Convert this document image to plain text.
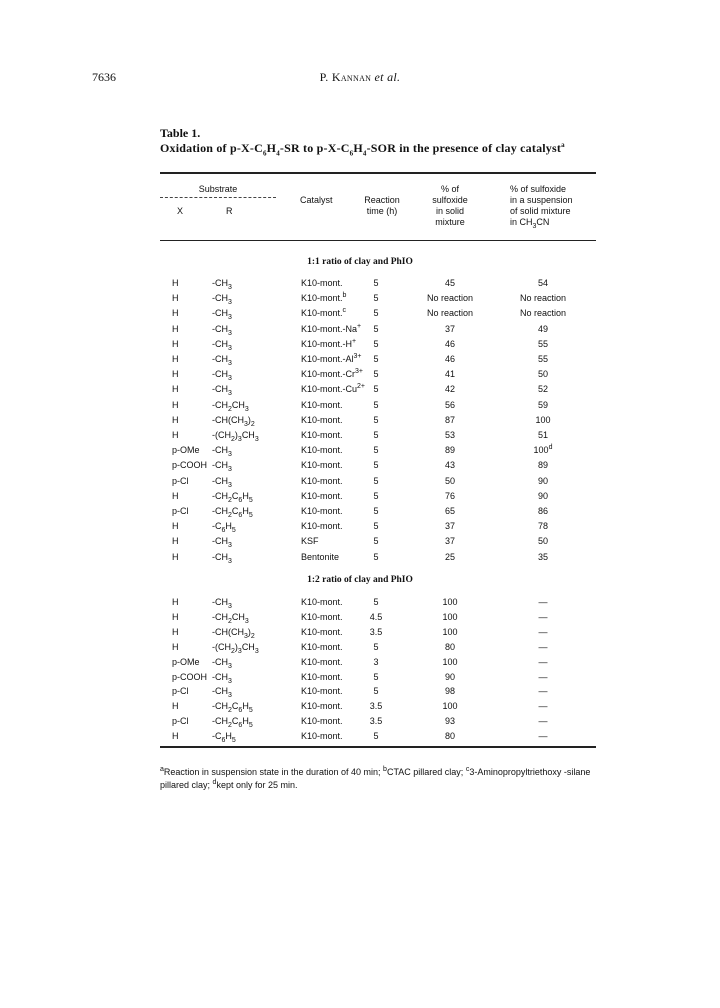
7636	P. Kannan et al.
Table 1.
Oxidation of $p-X-C_6H_4-SR$ to $p-X-C_6H_4$-SOR in the presence of clay catalyst$^a$
Substrate
X	R
Catalyst	Reaction
time (h)
% of
sulfoxide
in solid
mixture
% of sulfoxide
in a suspension
of solid mixture
in $CH_3CN$
1:1 ratio of clay and PhIO
H	$-CH_3$	K10-mont.	5	45	54
H	$-CH_3$	K10-mont.$^b$	5	No reaction	No reaction
H	$-CH_3$	K10-mont.$^c$	5	No reaction	No reaction
H	$-CH_3$	K10-mont.-Na+	5	37	49
H	$-CH_3$	K10-mont.-H+	5	46	55
H	$-CH_3$	$K10-mont.-Al^{3+}$	5	46	55
H	$-CH_3$	$K10-mont.-Cr^{3+}$	5	41	50
H	$-CH_3$	$K10-mont.-Cu^{2+}$ 5	42	52
H	$-CH_2CH_3$	K10-mont.	5	56	59
H	$-CH(CH_3)_2$	K10-mont.	5	87	100
H	$-(CH_2)_3CH_3$	K10-mont.	5	53	51
p-OMe $-CH_3$	K10-mont.	5	89	100$^d$
p-COOH $-CH_3$	K10-mont.	5	43	89
p-Cl	$-CH_3$	K10-mont.	5	50	90
H	$-CH_2C_6H_5$	K10-mont.	5	76	90
p-Cl	$-CH_2C_6H_5$	K10-mont.	5	65	86
H	$-C_6H_5$	K10-mont.	5	37	78
H	$-CH_3$	KSF	5	37	50
H	$-CH_3$	Bentonite	5	25	35
1:2 ratio of clay and PhIO
H	$-CH_3$	K10-mont.	5	100	—
H	$-CH_2CH_3$	K10-mont.	4.5	100	—
H	$-CH(CH_3)_2$	K10-mont.	3.5	100	—
H	$-(CH_2)_3CH_3$	K10-mont.	5	80	—
p-OMe $-CH_3$	K10-mont.	3	100	—
p-COOH $-CH_3$	K10-mont.	5	90	—
p-Cl	$-CH_3$	K10-mont.	5	98	—
H	$-CH_2C_6H_5$	K10-mont.	3.5	100	—
p-Cl	$-CH_2C_6H_5$	K10-mont.	3.5	93	—
H	$-C_6H_5$	K10-mont.	5	80	—
$^a$Reaction in suspension state in the duration of 40 min; $^b$CTAC pillared clay; $^c$3-Aminopropyltriethoxy -silane pillared clay; $^d$kept only for 25 min.
